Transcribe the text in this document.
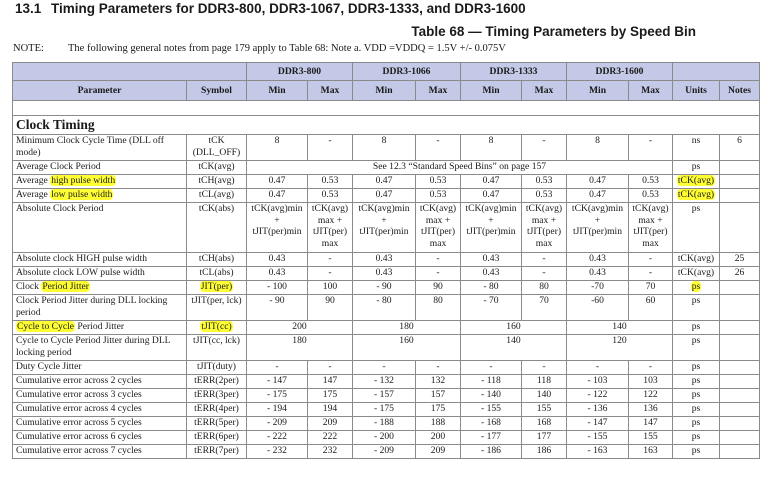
13.1 Timing Parameters for DDR3-800, DDR3-1067, DDR3-1333, and DDR3-1600
Table 68 — Timing Parameters by Speed Bin
NOTE: The following general notes from page 179 apply to Table 68: Note a. VDD =VDDQ = 1.5V +/- 0.075V
		DDR3-800		DDR3-1066		DDR3-1333		DDR3-1600			
Parameter	Symbol	Min	Max	Min	Max	Min	Max	Min	Max	Units	Notes

Clock Timing											
Minimum Clock Cycle Time (DLL off mode)	tCK (DLL_OFF)	8	-	8	-	8	-	8	-	ns	6
Average Clock Period	tCK(avg)	See 12.3 “Standard Speed Bins” on page 157								ps	
Average high pulse width	tCH(avg)	0.47	0.53	0.47	0.53	0.47	0.53	0.47	0.53	tCK(avg)	
Average low pulse width	tCL(avg)	0.47	0.53	0.47	0.53	0.47	0.53	0.47	0.53	tCK(avg)	
Absolute Clock Period	tCK(abs)	tCK(avg)min + tJIT(per)min	tCK(avg) max + tJIT(per) max	tCK(avg)min + tJIT(per)min	tCK(avg) max + tJIT(per) max	tCK(avg)min + tJIT(per)min	tCK(avg) max + tJIT(per) max	tCK(avg)min + tJIT(per)min	tCK(avg) max + tJIT(per) max	ps	
Absolute clock HIGH pulse width	tCH(abs)	0.43	-	0.43	-	0.43	-	0.43	-	tCK(avg)	25
Absolute clock LOW pulse width	tCL(abs)	0.43	-	0.43	-	0.43	-	0.43	-	tCK(avg)	26
Clock Period Jitter	JIT(per)	- 100	100	- 90	90	- 80	80	-70	70	ps	
Clock Period Jitter during DLL locking period	tJIT(per, lck)	- 90	90	- 80	80	- 70	70	-60	60	ps	
Cycle to Cycle Period Jitter	tJIT(cc)	200		180		160		140		ps	
Cycle to Cycle Period Jitter during DLL locking period	tJIT(cc, lck)	180		160		140		120		ps	
Duty Cycle Jitter	tJIT(duty)	-	-	-	-	-	-	-	-	ps	
Cumulative error across 2 cycles	tERR(2per)	- 147	147	- 132	132	- 118	118	- 103	103	ps	
Cumulative error across 3 cycles	tERR(3per)	- 175	175	- 157	157	- 140	140	- 122	122	ps	
Cumulative error across 4 cycles	tERR(4per)	- 194	194	- 175	175	- 155	155	- 136	136	ps	
Cumulative error across 5 cycles	tERR(5per)	- 209	209	- 188	188	- 168	168	- 147	147	ps	
Cumulative error across 6 cycles	tERR(6per)	- 222	222	- 200	200	- 177	177	- 155	155	ps	
Cumulative error across 7 cycles	tERR(7per)	- 232	232	- 209	209	- 186	186	- 163	163	ps	
